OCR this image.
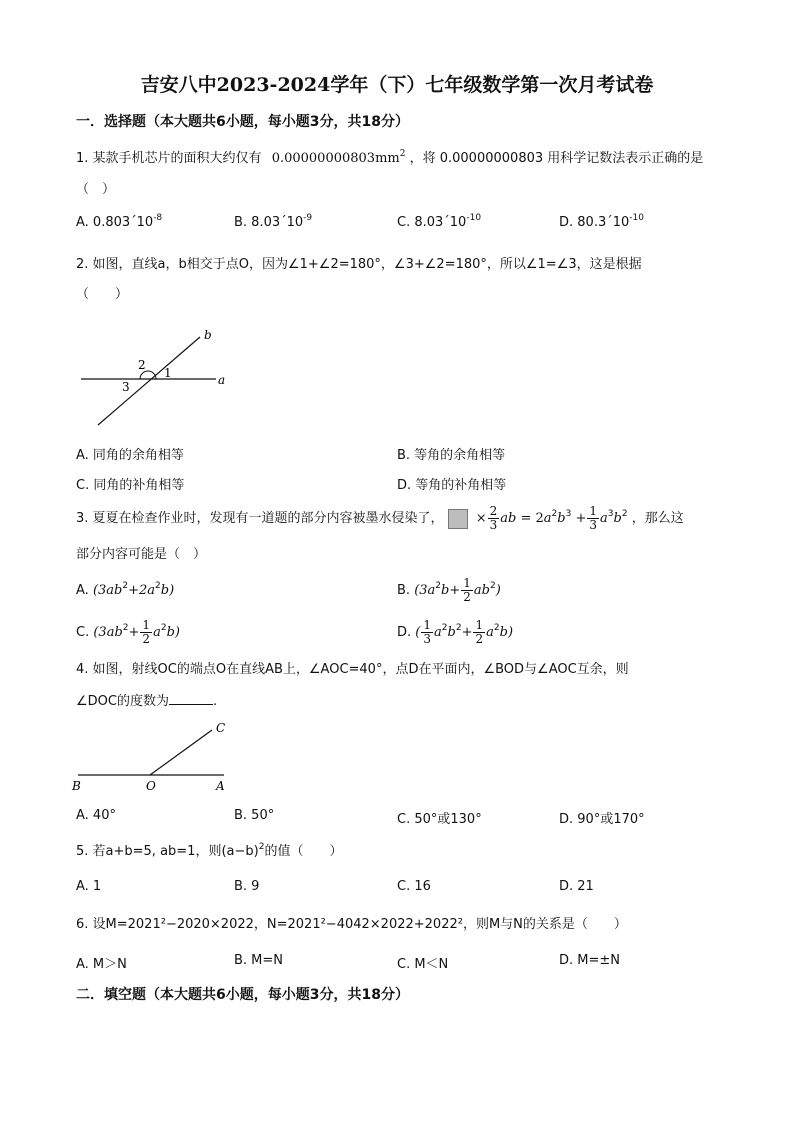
吉安八中2023-2024学年（下）七年级数学第一次月考试卷
一．选择题（本大题共6小题，每小题3分，共18分）
1. 某款手机芯片的面积大约仅有 $0.00000000803mm^2$ ，将 0.00000000803 用科学记数法表示正确的是
（　）
A. $0.803´10^{-8}$	B. $8.03´10^{-9}$	C. $8.03´10^{-10}$	D. $80.3´10^{-10}$
2. 如图，直线a，b相交于点O，因为∠1+∠2=180°，∠3+∠2=180°，所以∠1=∠3，这是根据
（　　）
b
2
1
3	a
A. 同角的余角相等	B. 等角的余角相等
C. 同角的补角相等	D. 等角的补角相等
3. 夏夏在检查作业时，发现有一道题的部分内容被墨水侵染了， × $\frac{2}{3}$ ab = $2a^2b^3 + \frac{1}{3} a^3b^2$ ，那么这
部分内容可能是（　）
A. $(3ab^2+2a^2b)$	B. $(3a^2b+ \frac{1}{2} ab^2)$
C. $(3ab^2+ \frac{1}{2} a^2b)$	D. ( $\frac{1}{3} a^2b^2+ \frac{1}{2} a^2b$)
4. 如图，射线OC的端点O在直线AB上，∠AOC=40°，点D在平面内，∠BOD与∠AOC互余，则
∠DOC的度数为	.
C
B	O	A
A. 40°	B. 50°	C. 50°或130°	D. 90°或170°
5. 若a+b=5, ab=1，则$(a-b)^2$的值（　　）
A. 1	B. 9	C. 16	D. 21
6. 设M=2021²−2020×2022，N=2021²−4042×2022+2022²，则M与N的关系是（　　）
A. M＞N	B. M=N	C. M＜N	D. M=±N
二．填空题（本大题共6小题，每小题3分，共18分）
